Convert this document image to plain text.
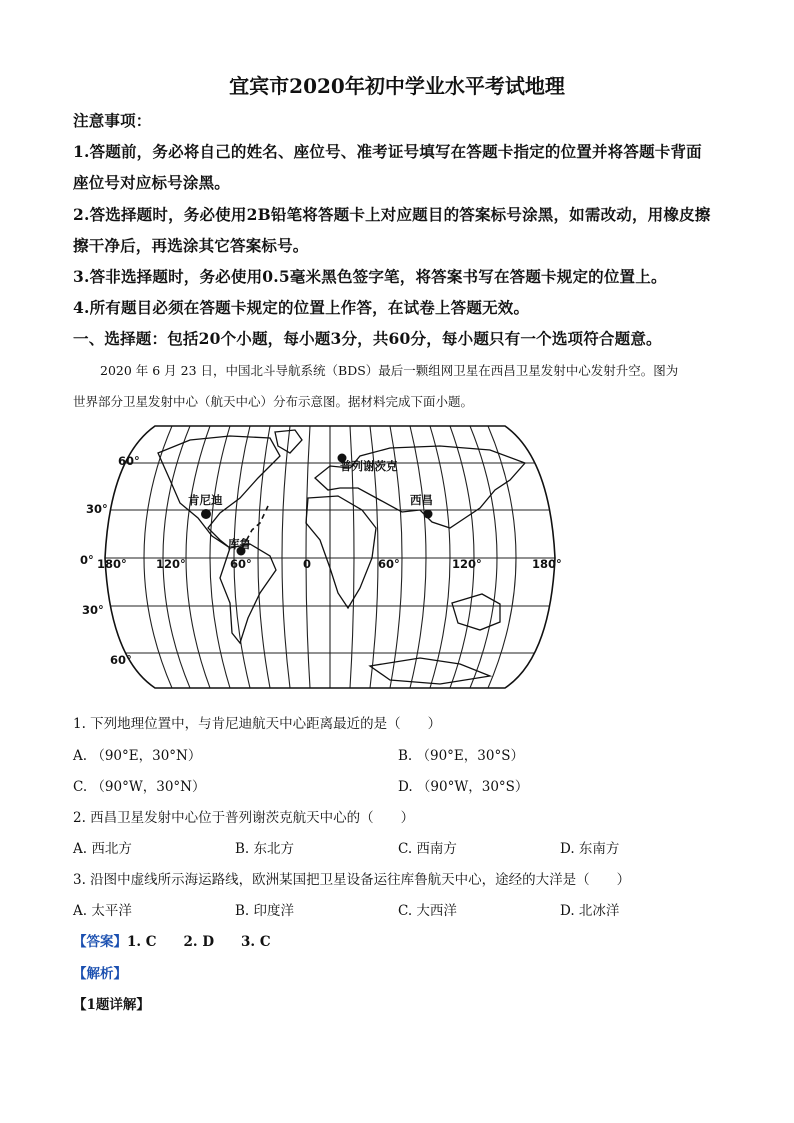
宜宾市2020年初中学业水平考试地理
注意事项：
1.答题前，务必将自己的姓名、座位号、准考证号填写在答题卡指定的位置并将答题卡背面
座位号对应标号涂黑。
2.答选择题时，务必使用2B铅笔将答题卡上对应题目的答案标号涂黑，如需改动，用橡皮擦
擦干净后，再选涂其它答案标号。
3.答非选择题时，务必使用0.5毫米黑色签字笔，将答案书写在答题卡规定的位置上。
4.所有题目必须在答题卡规定的位置上作答，在试卷上答题无效。
一、选择题：包括20个小题，每小题3分，共60分，每小题只有一个选项符合题意。
2020 年 6 月 23 日，中国北斗导航系统（BDS）最后一颗组网卫星在西昌卫星发射中心发射升空。图为
世界部分卫星发射中心（航天中心）分布示意图。据材料完成下面小题。
肯尼迪
库鲁
普列谢茨克
西昌
60°
30°
0°
30°
60°
180°	120°	60°	0	60°	120°	180°
1. 下列地理位置中，与肯尼迪航天中心距离最近的是（　　）
A. （90°E，30°N）	B. （90°E，30°S）
C. （90°W，30°N）	D. （90°W，30°S）
2. 西昌卫星发射中心位于普列谢茨克航天中心的（　　）
A. 西北方	B. 东北方	C. 西南方	D. 东南方
3. 沿图中虚线所示海运路线，欧洲某国把卫星设备运往库鲁航天中心，途经的大洋是（　　）
A. 太平洋	B. 印度洋	C. 大西洋	D. 北冰洋
【答案】1. C　　2. D　　3. C
【解析】
【1题详解】
